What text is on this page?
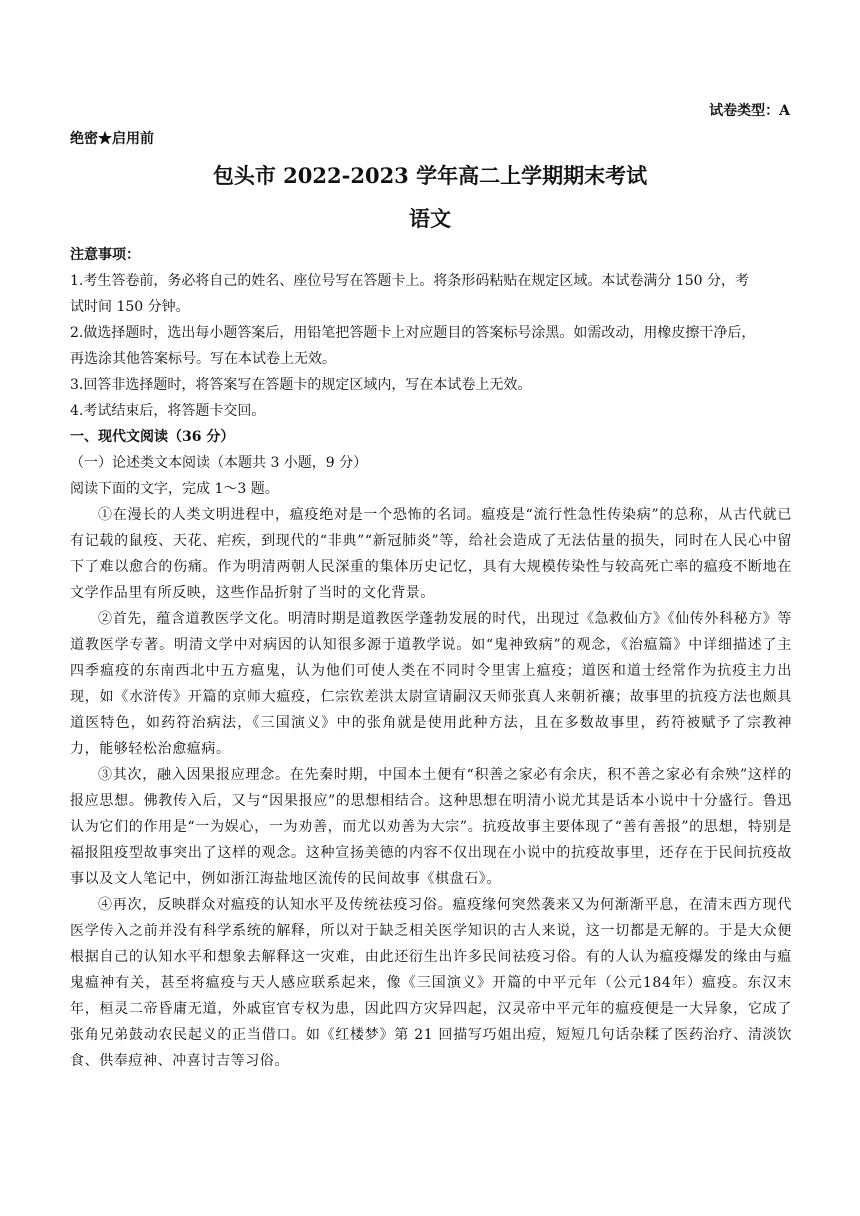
试卷类型：A
绝密★启用前
包头市 2022-2023 学年高二上学期期末考试
语文

注意事项：

1.考生答卷前，务必将自己的姓名、座位号写在答题卡上。将条形码粘贴在规定区域。本试卷满分 150 分，考

试时间 150 分钟。

2.做选择题时，选出每小题答案后，用铅笔把答题卡上对应题目的答案标号涂黑。如需改动，用橡皮擦干净后，

再选涂其他答案标号。写在本试卷上无效。

3.回答非选择题时，将答案写在答题卡的规定区域内，写在本试卷上无效。

4.考试结束后，将答题卡交回。

一、现代文阅读（36 分）

（一）论述类文本阅读（本题共 3 小题，9 分）

阅读下面的文字，完成 1～3 题。

①在漫长的人类文明进程中，瘟疫绝对是一个恐怖的名词。瘟疫是“流行性急性传染病”的总称，从古代就已有记载的鼠疫、天花、疟疾，到现代的“非典”“新冠肺炎”等，给社会造成了无法估量的损失，同时在人民心中留下了难以愈合的伤痛。作为明清两朝人民深重的集体历史记忆，具有大规模传染性与较高死亡率的瘟疫不断地在文学作品里有所反映，这些作品折射了当时的文化背景。

②首先，蕴含道教医学文化。明清时期是道教医学蓬勃发展的时代，出现过《急救仙方》《仙传外科秘方》等道教医学专著。明清文学中对病因的认知很多源于道教学说。如“鬼神致病”的观念，《治瘟篇》中详细描述了主四季瘟疫的东南西北中五方瘟鬼，认为他们可使人类在不同时令里害上瘟疫；道医和道士经常作为抗疫主力出现，如《水浒传》开篇的京师大瘟疫，仁宗钦差洪太尉宣请嗣汉天师张真人来朝祈禳；故事里的抗疫方法也颇具道医特色，如药符治病法，《三国演义》中的张角就是使用此种方法，且在多数故事里，药符被赋予了宗教神力，能够轻松治愈瘟病。

③其次，融入因果报应理念。在先秦时期，中国本土便有“积善之家必有余庆，积不善之家必有余殃”这样的报应思想。佛教传入后，又与“因果报应”的思想相结合。这种思想在明清小说尤其是话本小说中十分盛行。鲁迅认为它们的作用是“一为娱心，一为劝善，而尤以劝善为大宗”。抗疫故事主要体现了“善有善报”的思想，特别是福报阻疫型故事突出了这样的观念。这种宣扬美德的内容不仅出现在小说中的抗疫故事里，还存在于民间抗疫故事以及文人笔记中，例如浙江海盐地区流传的民间故事《棋盘石》。

④再次，反映群众对瘟疫的认知水平及传统祛疫习俗。瘟疫缘何突然袭来又为何渐渐平息，在清末西方现代医学传入之前并没有科学系统的解释，所以对于缺乏相关医学知识的古人来说，这一切都是无解的。于是大众便根据自己的认知水平和想象去解释这一灾难，由此还衍生出许多民间祛疫习俗。有的人认为瘟疫爆发的缘由与瘟鬼瘟神有关，甚至将瘟疫与天人感应联系起来，像《三国演义》开篇的中平元年（公元184年）瘟疫。东汉末年，桓灵二帝昏庸无道，外戚宦官专权为患，因此四方灾异四起，汉灵帝中平元年的瘟疫便是一大异象，它成了张角兄弟鼓动农民起义的正当借口。如《红楼梦》第 21 回描写巧姐出痘，短短几句话杂糅了医药治疗、清淡饮食、供奉痘神、冲喜讨吉等习俗。
